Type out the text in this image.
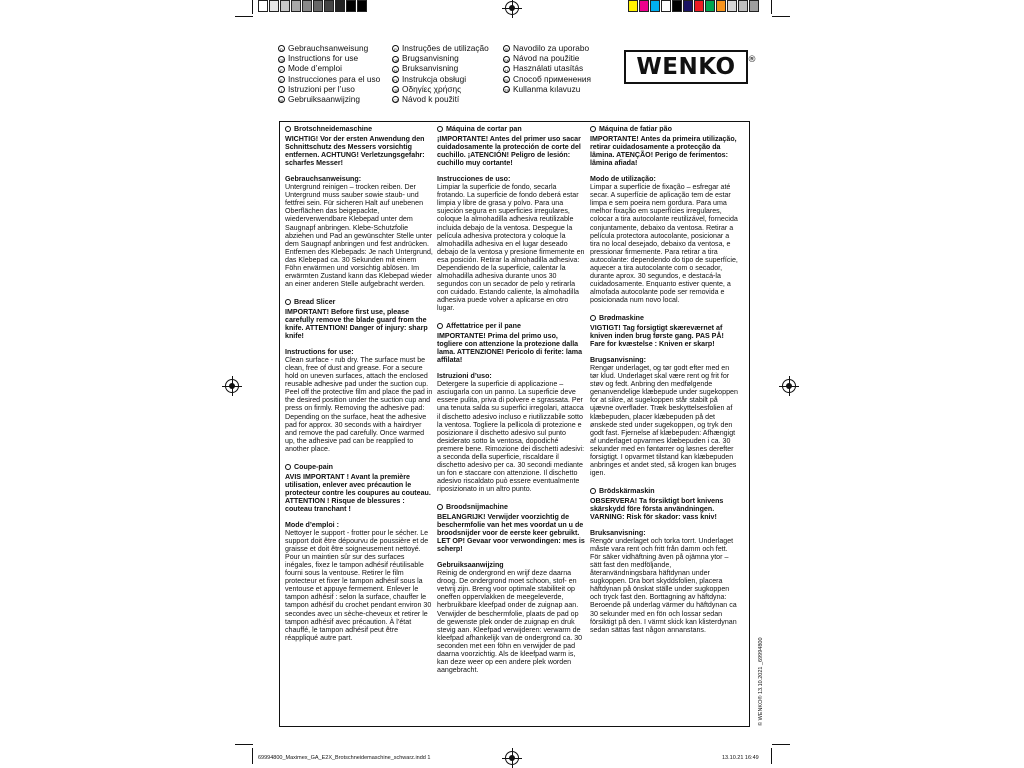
D Gebrauchsanweisung
GB Instructions for use
F Mode d’emploi
E Instrucciones para el uso
I Istruzioni per l’uso
NL Gebruiksaanwijzing
P Instruções de utilização
DK Brugsanvisning
N Bruksanvisning
PL Instrukcja obsługi
GR Οδηγίες χρήσης
CZ Návod k použití
SI Navodilo za uporabo
SK Návod na použitie
H Használati utasítás
RU Способ применения
TR Kullanma kılavuzu
WENKO ®

Brotschneidemaschine

WICHTIG! Vor der ersten Anwendung den Schnittschutz des Messers vorsichtig entfernen. ACHTUNG! Verletzungsgefahr: scharfes Messer!

Gebrauchsanweisung:

Untergrund reinigen – trocken reiben. Der Untergrund muss sauber sowie staub- und fettfrei sein. Für sicheren Halt auf unebenen Oberflächen das beigepackte, wiederverwendbare Klebepad unter dem Saugnapf anbringen. Klebe-Schutzfolie abziehen und Pad an gewünschter Stelle unter dem Saugnapf anbringen und fest andrücken. Entfernen des Klebepads: Je nach Untergrund, das Klebepad ca. 30 Sekunden mit einem Föhn erwärmen und vorsichtig ablösen. Im erwärmten Zustand kann das Klebepad wieder an einer anderen Stelle aufgebracht werden.

Bread Slicer

IMPORTANT! Before first use, please carefully remove the blade guard from the knife. ATTENTION! Danger of injury: sharp knife!

Instructions for use:

Clean surface - rub dry. The surface must be clean, free of dust and grease. For a secure hold on uneven surfaces, attach the enclosed reusable adhesive pad under the suction cup. Peel off the protective film and place the pad in the desired position under the suction cup and press on firmly. Removing the adhesive pad: Depending on the surface, heat the adhesive pad for approx. 30 seconds with a hairdryer and remove the pad carefully. Once warmed up, the adhesive pad can be reapplied to another place.

Coupe-pain

AVIS IMPORTANT ! Avant la première utilisation, enlever avec précaution le protecteur contre les coupures au couteau. ATTENTION ! Risque de blessures : couteau tranchant !

Mode d’emploi :

Nettoyer le support - frotter pour le sécher. Le support doit être dépourvu de poussière et de graisse et doit être soigneusement nettoyé. Pour un maintien sûr sur des surfaces inégales, fixez le tampon adhésif réutilisable fourni sous la ventouse. Retirer le film protecteur et fixer le tampon adhésif sous la ventouse et appuye fermement. Enlever le tampon adhésif : selon la surface, chauffer le tampon adhésif du crochet pendant environ 30 secondes avec un sèche-cheveux et retirer le tampon adhésif avec précaution. À l’état chauffé, le tampon adhésif peut être réappliqué autre part.

Máquina de cortar pan

¡IMPORTANTE! Antes del primer uso sacar cuidadosamente la protección de corte del cuchillo. ¡ATENCIÓN! Peligro de lesión: cuchillo muy cortante!

Instrucciones de uso:

Limpiar la superficie de fondo, secarla frotando. La superficie de fondo deberá estar limpia y libre de grasa y polvo. Para una sujeción segura en superficies irregulares, coloque la almohadilla adhesiva reutilizable incluida debajo de la ventosa. Despegue la película adhesiva protectora y coloque la almohadilla adhesiva en el lugar deseado debajo de la ventosa y presione firmemente en esa posición. Retirar la almohadilla adhesiva: Dependiendo de la superficie, calentar la almohadilla adhesiva durante unos 30 segundos con un secador de pelo y retirarla con cuidado. Estando caliente, la almohadilla adhesiva puede volver a aplicarse en otro lugar.

Affettatrice per il pane

IMPORTANTE! Prima del primo uso, togliere con attenzione la protezione dalla lama. ATTENZIONE! Pericolo di ferite: lama affilata!

Istruzioni d’uso:

Detergere la superficie di applicazione – asciugarla con un panno. La superficie deve essere pulita, priva di polvere e sgrassata. Per una tenuta salda su superfici irregolari, attacca il dischetto adesivo incluso e riutilizzabile sotto la ventosa. Togliere la pellicola di protezione e posizionare il dischetto adesivo sul punto desiderato sotto la ventosa, dopodiché premere bene. Rimozione dei dischetti adesivi: a seconda della superficie, riscaldare il dischetto adesivo per ca. 30 secondi mediante un fon e staccare con attenzione. Il dischetto adesivo riscaldato può essere eventualmente riposizionato in un altro punto.

Broodsnijmachine

BELANGRIJK! Verwijder voorzichtig de beschermfolie van het mes voordat un u de broodsnijder voor de eerste keer gebruikt. LET OP! Gevaar voor verwondingen: mes is scherp!

Gebruiksaanwijzing

Reinig de ondergrond en wrijf deze daarna droog. De ondergrond moet schoon, stof- en vetvrij zijn. Breng voor optimale stabiliteit op oneffen oppervlakken de meegeleverde, herbruikbare kleefpad onder de zuignap aan. Verwijder de beschermfolie, plaats de pad op de gewenste plek onder de zuignap en druk stevig aan. Kleefpad verwijderen: verwarm de kleefpad afhankelijk van de ondergrond ca. 30 seconden met een föhn en verwijder de pad daarna voorzichtig. Als de kleefpad warm is, kan deze weer op een andere plek worden aangebracht.

Máquina de fatiar pão

IMPORTANTE! Antes da primeira utilização, retirar cuidadosamente a protecção da lâmina. ATENÇÃO! Perigo de ferimentos: lâmina afiada!

Modo de utilização:

Limpar a superfície de fixação – esfregar até secar. A superfície de aplicação tem de estar limpa e sem poeira nem gordura. Para uma melhor fixação em superfícies irregulares, colocar a tira autocolante reutilizável, fornecida conjuntamente, debaixo da ventosa. Retirar a película protectora autocolante, posicionar a tira no local desejado, debaixo da ventosa, e pressionar firmemente. Para retirar a tira autocolante: dependendo do tipo de superfície, aquecer a tira autocolante com o secador, durante aprox. 30 segundos, e destacá-la cuidadosamente. Enquanto estiver quente, a almofada autocolante pode ser removida e posicionada num novo local.

Brødmaskine

VIGTIGT! Tag forsigtigt skæreværnet af kniven inden brug første gang. PAS PÅ! Fare for kvæstelse : Kniven er skarp!

Brugsanvisning:

Rengør underlaget, og tør godt efter med en tør klud. Underlaget skal være rent og frit for støv og fedt. Anbring den medfølgende genanvendelige klæbepude under sugekoppen for at sikre, at sugekoppen står stabilt på ujævne overflader. Træk beskyttelsesfolien af klæbepuden, placer klæbepuden på det ønskede sted under sugekoppen, og tryk den godt fast. Fjernelse af klæbepuden: Afhængigt af underlaget opvarmes klæbepuden i ca. 30 sekunder med en føntørrer og løsnes derefter forsigtigt. I opvarmet tilstand kan klæbepuden anbringes et andet sted, så krogen kan bruges igen.

Brödskärmaskin

OBSERVERA! Ta försiktigt bort knivens skärskydd före första användningen. VARNING: Risk för skador: vass kniv!

Bruksanvisning:

Rengör underlaget och torka torrt. Underlaget måste vara rent och fritt från damm och fett. För säker vidhäftning även på ojämna ytor – sätt fast den medföljande, återanvändningsbara häftdynan under sugkoppen. Dra bort skyddsfolien, placera häftdynan på önskat ställe under sugkoppen och tryck fast den. Borttagning av häftdyna: Beroende på underlag värmer du häftdynan ca 30 sekunder med en fön och lossar sedan försiktigt på den. I värmt skick kan klisterdynan sedan sättas fast någon annanstans.

© WENKO® 13.10.2021 _69994800
69994800_Maximex_GA_E2X_Brotschneidemaschine_schwarz.indd 1	13.10.21 16:49
